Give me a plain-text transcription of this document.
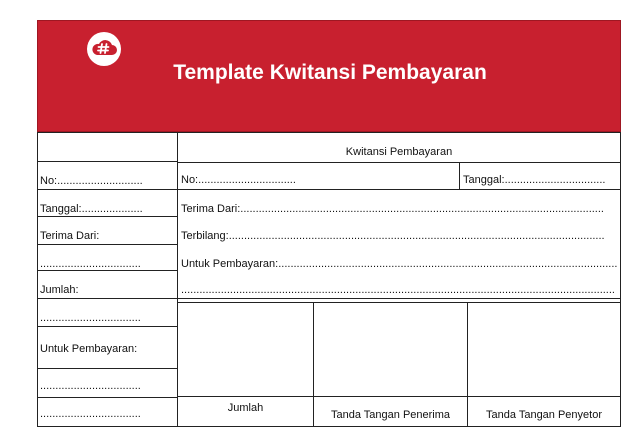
Template Kwitansi Pembayaran
No:............................
Tanggal:....................
Terima Dari:
.................................
Jumlah:
.................................
Untuk Pembayaran:
.................................
.................................
Kwitansi Pembayaran
No:................................	Tanggal:.................................
Terima Dari:.......................................................................................................................
Terbilang:...........................................................................................................................
Untuk Pembayaran:...............................................................................................................
..............................................................................................................................................
Jumlah
Tanda Tangan Penerima	Tanda Tangan Penyetor
